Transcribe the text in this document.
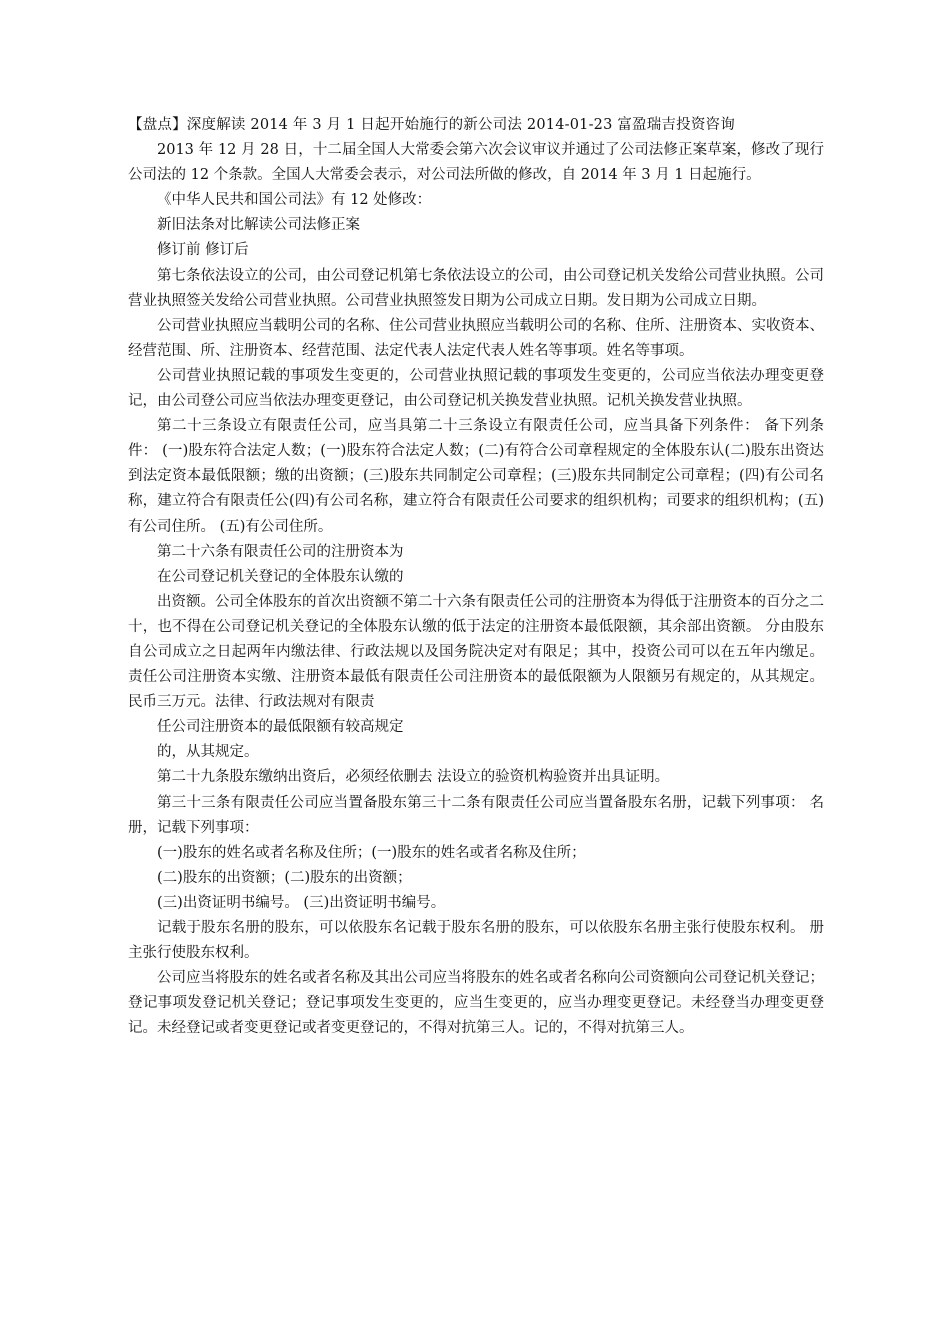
【盘点】深度解读 2014 年 3 月 1 日起开始施行的新公司法 2014-01-23 富盈瑞吉投资咨询

2013 年 12 月 28 日，十二届全国人大常委会第六次会议审议并通过了公司法修正案草案，修改了现行公司法的 12 个条款。全国人大常委会表示，对公司法所做的修改，自 2014 年 3 月 1 日起施行。

《中华人民共和国公司法》有 12 处修改：

新旧法条对比解读公司法修正案

修订前 修订后

第七条依法设立的公司，由公司登记机第七条依法设立的公司，由公司登记机关发给公司营业执照。公司营业执照签关发给公司营业执照。公司营业执照签发日期为公司成立日期。发日期为公司成立日期。

公司营业执照应当载明公司的名称、住公司营业执照应当载明公司的名称、住所、注册资本、实收资本、经营范围、所、注册资本、经营范围、法定代表人法定代表人姓名等事项。姓名等事项。

公司营业执照记载的事项发生变更的，公司营业执照记载的事项发生变更的，公司应当依法办理变更登记，由公司登公司应当依法办理变更登记，由公司登记机关换发营业执照。记机关换发营业执照。

第二十三条设立有限责任公司，应当具第二十三条设立有限责任公司，应当具备下列条件： 备下列条件： (一)股东符合法定人数；(一)股东符合法定人数；(二)有符合公司章程规定的全体股东认(二)股东出资达到法定资本最低限额；缴的出资额；(三)股东共同制定公司章程；(三)股东共同制定公司章程；(四)有公司名称，建立符合有限责任公(四)有公司名称，建立符合有限责任公司要求的组织机构；司要求的组织机构；(五)有公司住所。 (五)有公司住所。

第二十六条有限责任公司的注册资本为

在公司登记机关登记的全体股东认缴的

出资额。公司全体股东的首次出资额不第二十六条有限责任公司的注册资本为得低于注册资本的百分之二十，也不得在公司登记机关登记的全体股东认缴的低于法定的注册资本最低限额，其余部出资额。 分由股东自公司成立之日起两年内缴法律、行政法规以及国务院决定对有限足；其中，投资公司可以在五年内缴足。 责任公司注册资本实缴、注册资本最低有限责任公司注册资本的最低限额为人限额另有规定的，从其规定。 民币三万元。法律、行政法规对有限责

任公司注册资本的最低限额有较高规定

的，从其规定。

第二十九条股东缴纳出资后，必须经依删去 法设立的验资机构验资并出具证明。

第三十三条有限责任公司应当置备股东第三十二条有限责任公司应当置备股东名册，记载下列事项： 名册，记载下列事项：

(一)股东的姓名或者名称及住所；(一)股东的姓名或者名称及住所；

(二)股东的出资额；(二)股东的出资额；

(三)出资证明书编号。 (三)出资证明书编号。

记载于股东名册的股东，可以依股东名记载于股东名册的股东，可以依股东名册主张行使股东权利。 册主张行使股东权利。

公司应当将股东的姓名或者名称及其出公司应当将股东的姓名或者名称向公司资额向公司登记机关登记；登记事项发登记机关登记；登记事项发生变更的，应当生变更的，应当办理变更登记。未经登当办理变更登记。未经登记或者变更登记或者变更登记的，不得对抗第三人。记的，不得对抗第三人。
